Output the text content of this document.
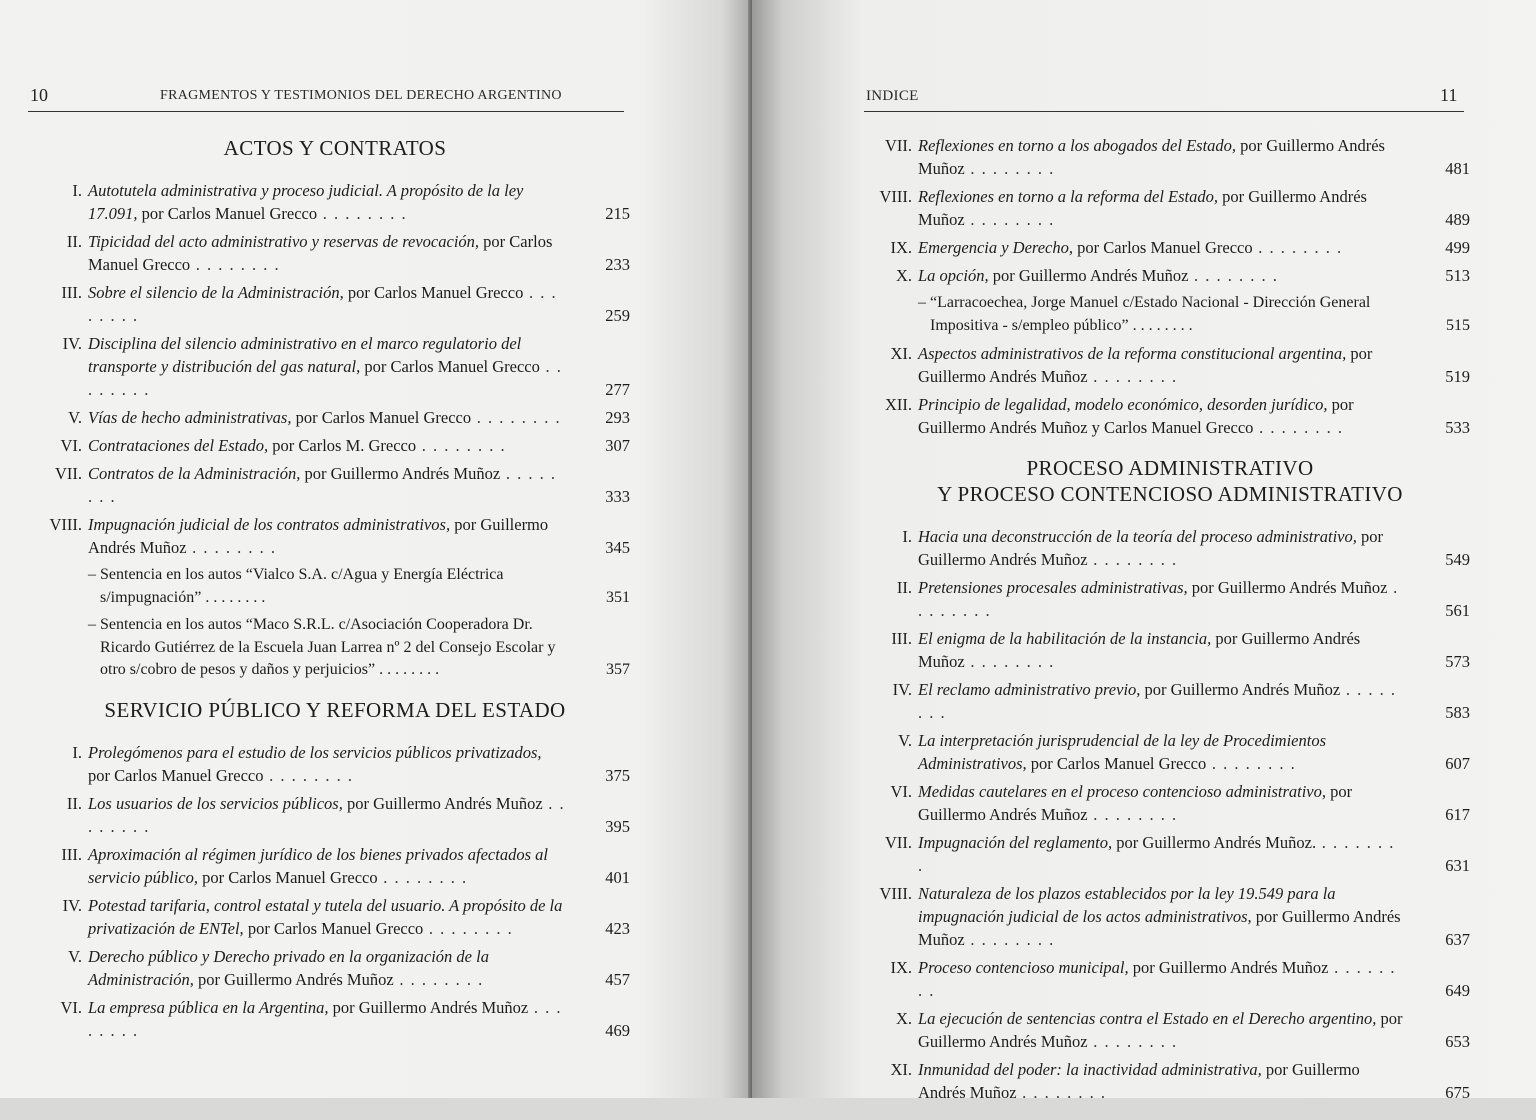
10	FRAGMENTOS Y TESTIMONIOS DEL DERECHO ARGENTINO
ACTOS Y CONTRATOS
I. Autotutela administrativa y proceso judicial. A propósito de la ley 17.091, por Carlos Manuel Grecco . . . . . . . .	215
II. Tipicidad del acto administrativo y reservas de revocación, por Carlos Manuel Grecco . . . . . . . .	233
III. Sobre el silencio de la Administración, por Carlos Manuel Grecco . . . . . . . .	259
IV. Disciplina del silencio administrativo en el marco regulatorio del transporte y distribución del gas natural, por Carlos Manuel Grecco . . . . . . . .	277
V. Vías de hecho administrativas, por Carlos Manuel Grecco . . . . . . . .	293
VI. Contrataciones del Estado, por Carlos M. Grecco . . . . . . . .	307
VII. Contratos de la Administración, por Guillermo Andrés Muñoz . . . . . . . .	333
VIII. Impugnación judicial de los contratos administrativos, por Guillermo Andrés Muñoz . . . . . . . .	345
– Sentencia en los autos “Vialco S.A. c/Agua y Energía Eléctrica s/impugnación” . . . . . . . .	351
– Sentencia en los autos “Maco S.R.L. c/Asociación Cooperadora Dr. Ricardo Gutiérrez de la Escuela Juan Larrea nº 2 del Consejo Escolar y otro s/cobro de pesos y daños y perjuicios” . . . . . . . .	357
SERVICIO PÚBLICO Y REFORMA DEL ESTADO
I. Prolegómenos para el estudio de los servicios públicos privatizados, por Carlos Manuel Grecco . . . . . . . .	375
II. Los usuarios de los servicios públicos, por Guillermo Andrés Muñoz . . . . . . . .	395
III. Aproximación al régimen jurídico de los bienes privados afectados al servicio público, por Carlos Manuel Grecco . . . . . . . .	401
IV. Potestad tarifaria, control estatal y tutela del usuario. A propósito de la privatización de ENTel, por Carlos Manuel Grecco . . . . . . . .	423
V. Derecho público y Derecho privado en la organización de la Administración, por Guillermo Andrés Muñoz . . . . . . . .	457
VI. La empresa pública en la Argentina, por Guillermo Andrés Muñoz . . . . . . . .	469
INDICE	11
VII. Reflexiones en torno a los abogados del Estado, por Guillermo Andrés Muñoz . . . . . . . .	481
VIII. Reflexiones en torno a la reforma del Estado, por Guillermo Andrés Muñoz . . . . . . . .	489
IX. Emergencia y Derecho, por Carlos Manuel Grecco . . . . . . . .	499
X. La opción, por Guillermo Andrés Muñoz . . . . . . . .	513
– “Larracoechea, Jorge Manuel c/Estado Nacional - Dirección General Impositiva - s/empleo público” . . . . . . . .	515
XI. Aspectos administrativos de la reforma constitucional argentina, por Guillermo Andrés Muñoz . . . . . . . .	519
XII. Principio de legalidad, modelo económico, desorden jurídico, por Guillermo Andrés Muñoz y Carlos Manuel Grecco . . . . . . . .	533
PROCESO ADMINISTRATIVO
Y PROCESO CONTENCIOSO ADMINISTRATIVO
I. Hacia una deconstrucción de la teoría del proceso administrativo, por Guillermo Andrés Muñoz . . . . . . . .	549
II. Pretensiones procesales administrativas, por Guillermo Andrés Muñoz . . . . . . . .	561
III. El enigma de la habilitación de la instancia, por Guillermo Andrés Muñoz . . . . . . . .	573
IV. El reclamo administrativo previo, por Guillermo Andrés Muñoz . . . . . . . .	583
V. La interpretación jurisprudencial de la ley de Procedimientos Administrativos, por Carlos Manuel Grecco . . . . . . . .	607
VI. Medidas cautelares en el proceso contencioso administrativo, por Guillermo Andrés Muñoz . . . . . . . .	617
VII. Impugnación del reglamento, por Guillermo Andrés Muñoz. . . . . . . . .	631
VIII. Naturaleza de los plazos establecidos por la ley 19.549 para la impugnación judicial de los actos administrativos, por Guillermo Andrés Muñoz . . . . . . . .	637
IX. Proceso contencioso municipal, por Guillermo Andrés Muñoz . . . . . . . .	649
X. La ejecución de sentencias contra el Estado en el Derecho argentino, por Guillermo Andrés Muñoz . . . . . . . .	653
XI. Inmunidad del poder: la inactividad administrativa, por Guillermo Andrés Muñoz . . . . . . . .	675
